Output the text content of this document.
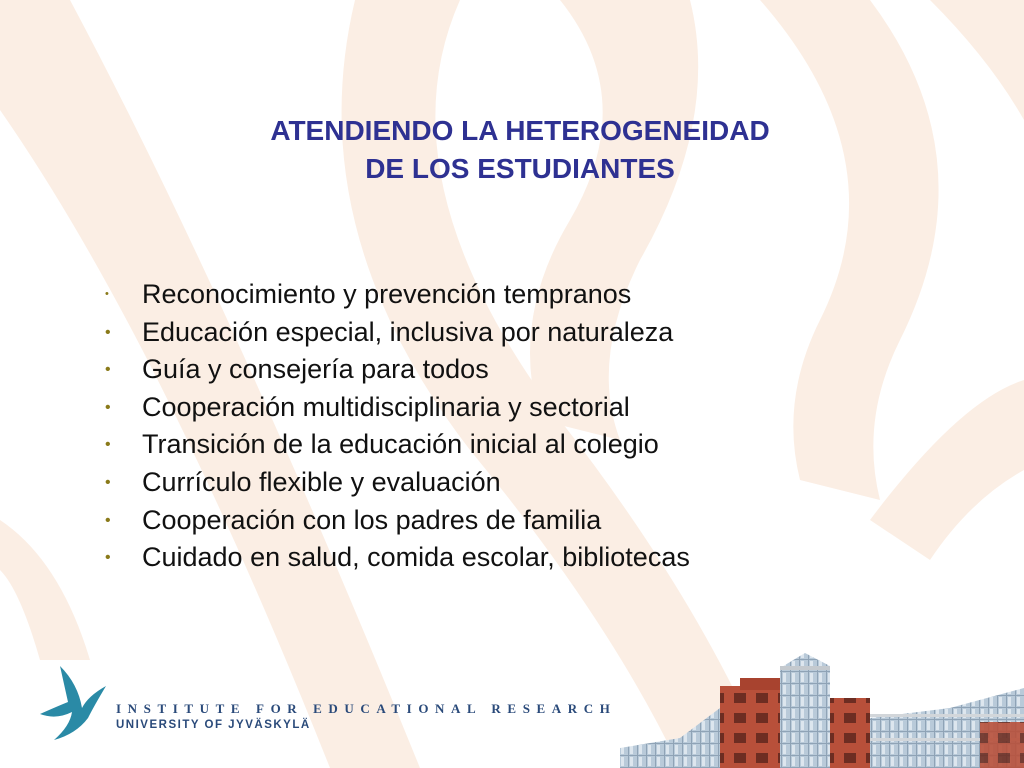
ATENDIENDO LA HETEROGENEIDAD
DE LOS ESTUDIANTES
• Reconocimiento y prevención tempranos
• Educación especial, inclusiva por naturaleza
• Guía y consejería para todos
• Cooperación multidisciplinaria y sectorial
• Transición de la educación inicial al colegio
• Currículo flexible y evaluación
• Cooperación con los padres de familia
• Cuidado en salud, comida escolar, bibliotecas
INSTITUTE FOR EDUCATIONAL RESEARCH
UNIVERSITY OF JYVÄSKYLÄ
